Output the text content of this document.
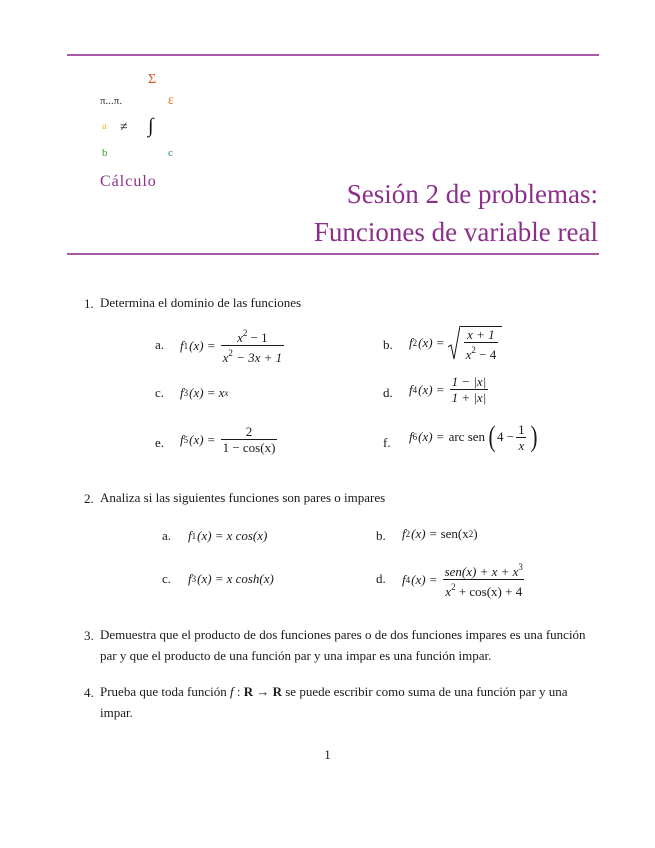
Σ
π...π.	ε
a ≠ ∫
b	c
Cálculo	Sesión 2 de problemas:
Funciones de variable real
1. Determina el dominio de las funciones
a. f 1 $(x) = \frac{x^2 - 1}{x^2 - 3x + 1}$	b. f 2 $(x) = \frac{x + 1}{x^2 - 4}$
c. f 3 (x) = x x	d. f 4 $(x) = \frac{1 - |x|}{1 + |x|}$
e. f 5 $(x) = \frac{2}{1 - \cos(x)}$	f. f 6 (x) = arc sen ( $4 - \frac{1}{x}$ )
2. Analiza si las siguientes funciones son pares o impares
a. f 1 (x) = x cos(x)	b. f 2 (x) = sen(x 2 )
c. f 3 (x) = x cosh(x)	d. f 4 $(x) = \frac{sen(x) + x + x^3}{x^2 + \cos(x) + 4}$
3. Demuestra que el producto de dos funciones pares o de dos funciones impares es una función par y que el producto de una función par y una impar es una función impar.
4. Prueba que toda función f : R → R se puede escribir como suma de una función par y una impar.
1
